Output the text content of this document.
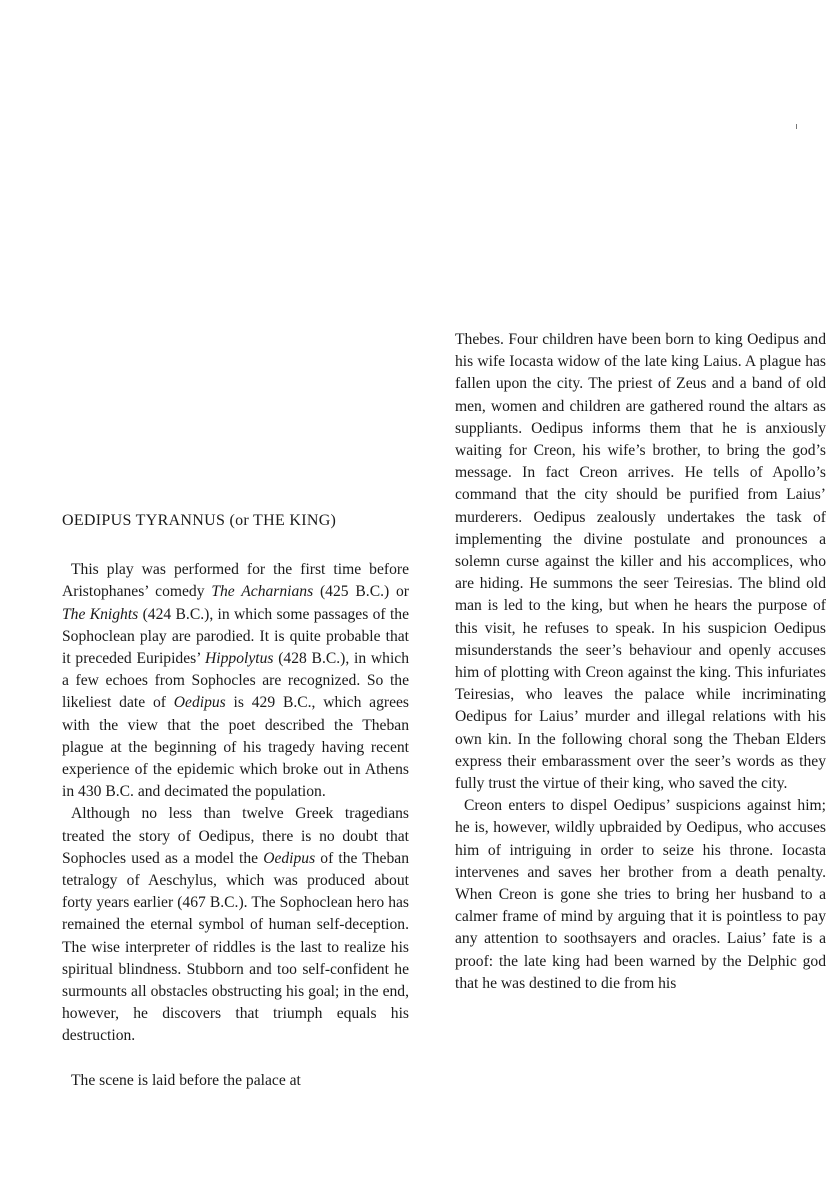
OEDIPUS TYRANNUS (or THE KING)

This play was performed for the first time before Aristophanes’ comedy The Acharnians (425 B.C.) or The Knights (424 B.C.), in which some passages of the Sophoclean play are parodied. It is quite probable that it preceded Euripides’ Hippolytus (428 B.C.), in which a few echoes from Sophocles are recognized. So the likeliest date of Oedipus is 429 B.C., which agrees with the view that the poet described the Theban plague at the beginning of his tragedy having recent experience of the epidemic which broke out in Athens in 430 B.C. and decimated the population.

Although no less than twelve Greek tragedians treated the story of Oedipus, there is no doubt that Sophocles used as a model the Oedipus of the Theban tetralogy of Aeschylus, which was produced about forty years earlier (467 B.C.). The Sophoclean hero has remained the eternal symbol of human self-deception. The wise interpreter of riddles is the last to realize his spiritual blindness. Stubborn and too self-confident he surmounts all obstacles obstructing his goal; in the end, however, he discovers that triumph equals his destruction.

The scene is laid before the palace at

Thebes. Four children have been born to king Oedipus and his wife Iocasta widow of the late king Laius. A plague has fallen upon the city. The priest of Zeus and a band of old men, women and children are gathered round the altars as suppliants. Oedipus informs them that he is anxiously waiting for Creon, his wife’s brother, to bring the god’s message. In fact Creon arrives. He tells of Apollo’s command that the city should be purified from Laius’ murderers. Oedipus zealously undertakes the task of implementing the divine postulate and pronounces a solemn curse against the killer and his accomplices, who are hiding. He summons the seer Teiresias. The blind old man is led to the king, but when he hears the purpose of this visit, he refuses to speak. In his suspicion Oedipus misunderstands the seer’s behaviour and openly accuses him of plotting with Creon against the king. This infuriates Teiresias, who leaves the palace while incriminating Oedipus for Laius’ murder and illegal relations with his own kin. In the following choral song the Theban Elders express their embarassment over the seer’s words as they fully trust the virtue of their king, who saved the city.

Creon enters to dispel Oedipus’ suspicions against him; he is, however, wildly upbraided by Oedipus, who accuses him of intriguing in order to seize his throne. Iocasta intervenes and saves her brother from a death penalty. When Creon is gone she tries to bring her husband to a calmer frame of mind by arguing that it is pointless to pay any attention to soothsayers and oracles. Laius’ fate is a proof: the late king had been warned by the Delphic god that he was destined to die from his
